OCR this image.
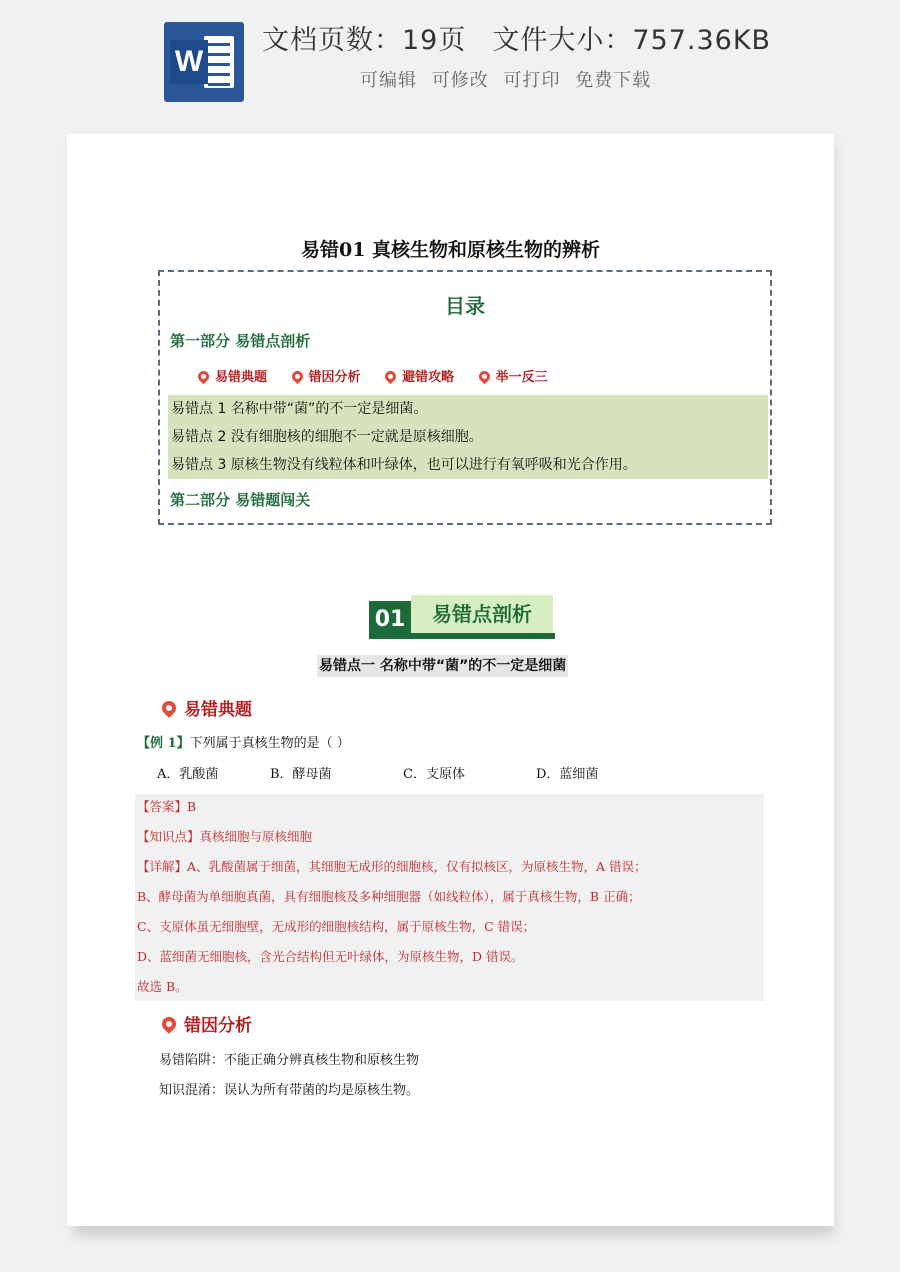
W
文档页数：19页 文件大小：757.36KB
可编辑 可修改 可打印 免费下载
易错01 真核生物和原核生物的辨析
目录
第一部分 易错点剖析
易错典题	错因分析	避错攻略	举一反三
易错点 1 名称中带“菌”的不一定是细菌。
易错点 2 没有细胞核的细胞不一定就是原核细胞。
易错点 3 原核生物没有线粒体和叶绿体，也可以进行有氧呼吸和光合作用。
第二部分 易错题闯关
01	易错点剖析
易错点一 名称中带“菌”的不一定是细菌
易错典题
【例 1】下列属于真核生物的是（ ）
A．乳酸菌	B．酵母菌	C．支原体	D．蓝细菌
【答案】B
【知识点】真核细胞与原核细胞
【详解】A、乳酸菌属于细菌，其细胞无成形的细胞核，仅有拟核区，为原核生物，A 错误；
B、酵母菌为单细胞真菌，具有细胞核及多种细胞器（如线粒体），属于真核生物，B 正确；
C、支原体虽无细胞壁，无成形的细胞核结构，属于原核生物，C 错误；
D、蓝细菌无细胞核，含光合结构但无叶绿体，为原核生物，D 错误。
故选 B。
错因分析
易错陷阱：不能正确分辨真核生物和原核生物
知识混淆：误认为所有带菌的均是原核生物。
